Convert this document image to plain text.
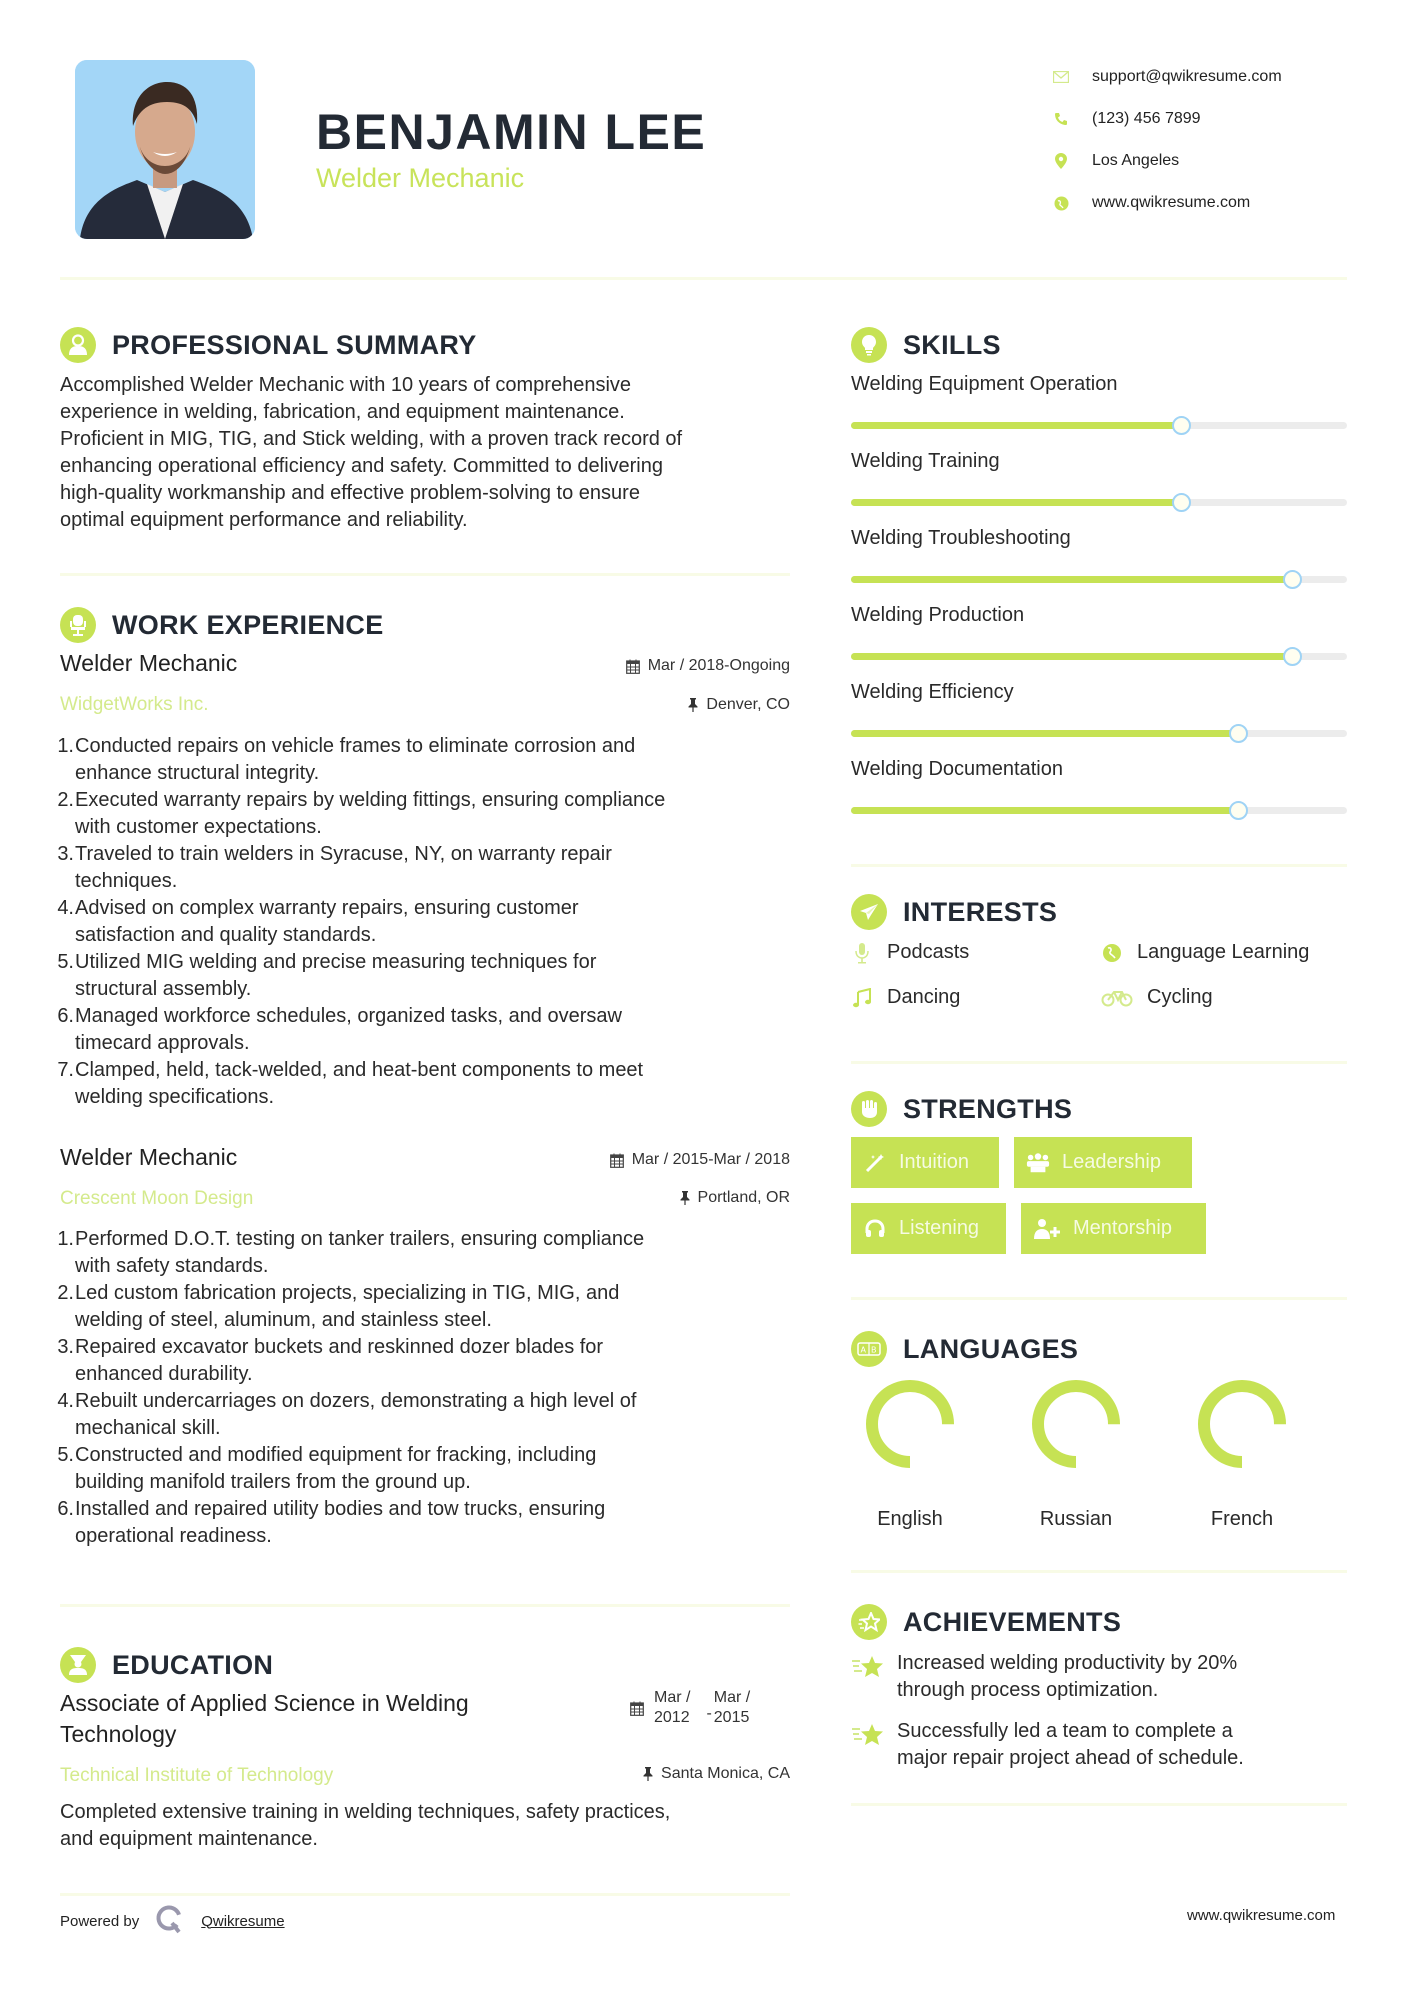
BENJAMIN LEE
Welder Mechanic
support@qwikresume.com
(123) 456 7899
Los Angeles
www.qwikresume.com
PROFESSIONAL SUMMARY
Accomplished Welder Mechanic with 10 years of comprehensive
experience in welding, fabrication, and equipment maintenance.
Proficient in MIG, TIG, and Stick welding, with a proven track record of
enhancing operational efficiency and safety. Committed to delivering
high-quality workmanship and effective problem-solving to ensure
optimal equipment performance and reliability.
WORK EXPERIENCE
Welder Mechanic	Mar / 2018-Ongoing
WidgetWorks Inc.	Denver, CO
1. Conducted repairs on vehicle frames to eliminate corrosion and
enhance structural integrity.
2. Executed warranty repairs by welding fittings, ensuring compliance
with customer expectations.
3. Traveled to train welders in Syracuse, NY, on warranty repair
techniques.
4. Advised on complex warranty repairs, ensuring customer
satisfaction and quality standards.
5. Utilized MIG welding and precise measuring techniques for
structural assembly.
6. Managed workforce schedules, organized tasks, and oversaw
timecard approvals.
7. Clamped, held, tack-welded, and heat-bent components to meet
welding specifications.
Welder Mechanic	Mar / 2015-Mar / 2018
Crescent Moon Design	Portland, OR
1. Performed D.O.T. testing on tanker trailers, ensuring compliance
with safety standards.
2. Led custom fabrication projects, specializing in TIG, MIG, and
welding of steel, aluminum, and stainless steel.
3. Repaired excavator buckets and reskinned dozer blades for
enhanced durability.
4. Rebuilt undercarriages on dozers, demonstrating a high level of
mechanical skill.
5. Constructed and modified equipment for fracking, including
building manifold trailers from the ground up.
6. Installed and repaired utility bodies and tow trucks, ensuring
operational readiness.
EDUCATION
Associate of Applied Science in Welding
Technology
Mar /
2012 -
Mar /
2015
Technical Institute of Technology	Santa Monica, CA
Completed extensive training in welding techniques, safety practices,
and equipment maintenance.
SKILLS
Welding Equipment Operation
Welding Training
Welding Troubleshooting
Welding Production
Welding Efficiency
Welding Documentation
INTERESTS
Podcasts	Language Learning
Dancing	Cycling
STRENGTHS
Intuition	Leadership
Listening	Mentorship
A B LANGUAGES
English	Russian	French
ACHIEVEMENTS
Increased welding productivity by 20%
through process optimization.
Successfully led a team to complete a
major repair project ahead of schedule.
Powered by	Qwikresume	www.qwikresume.com
